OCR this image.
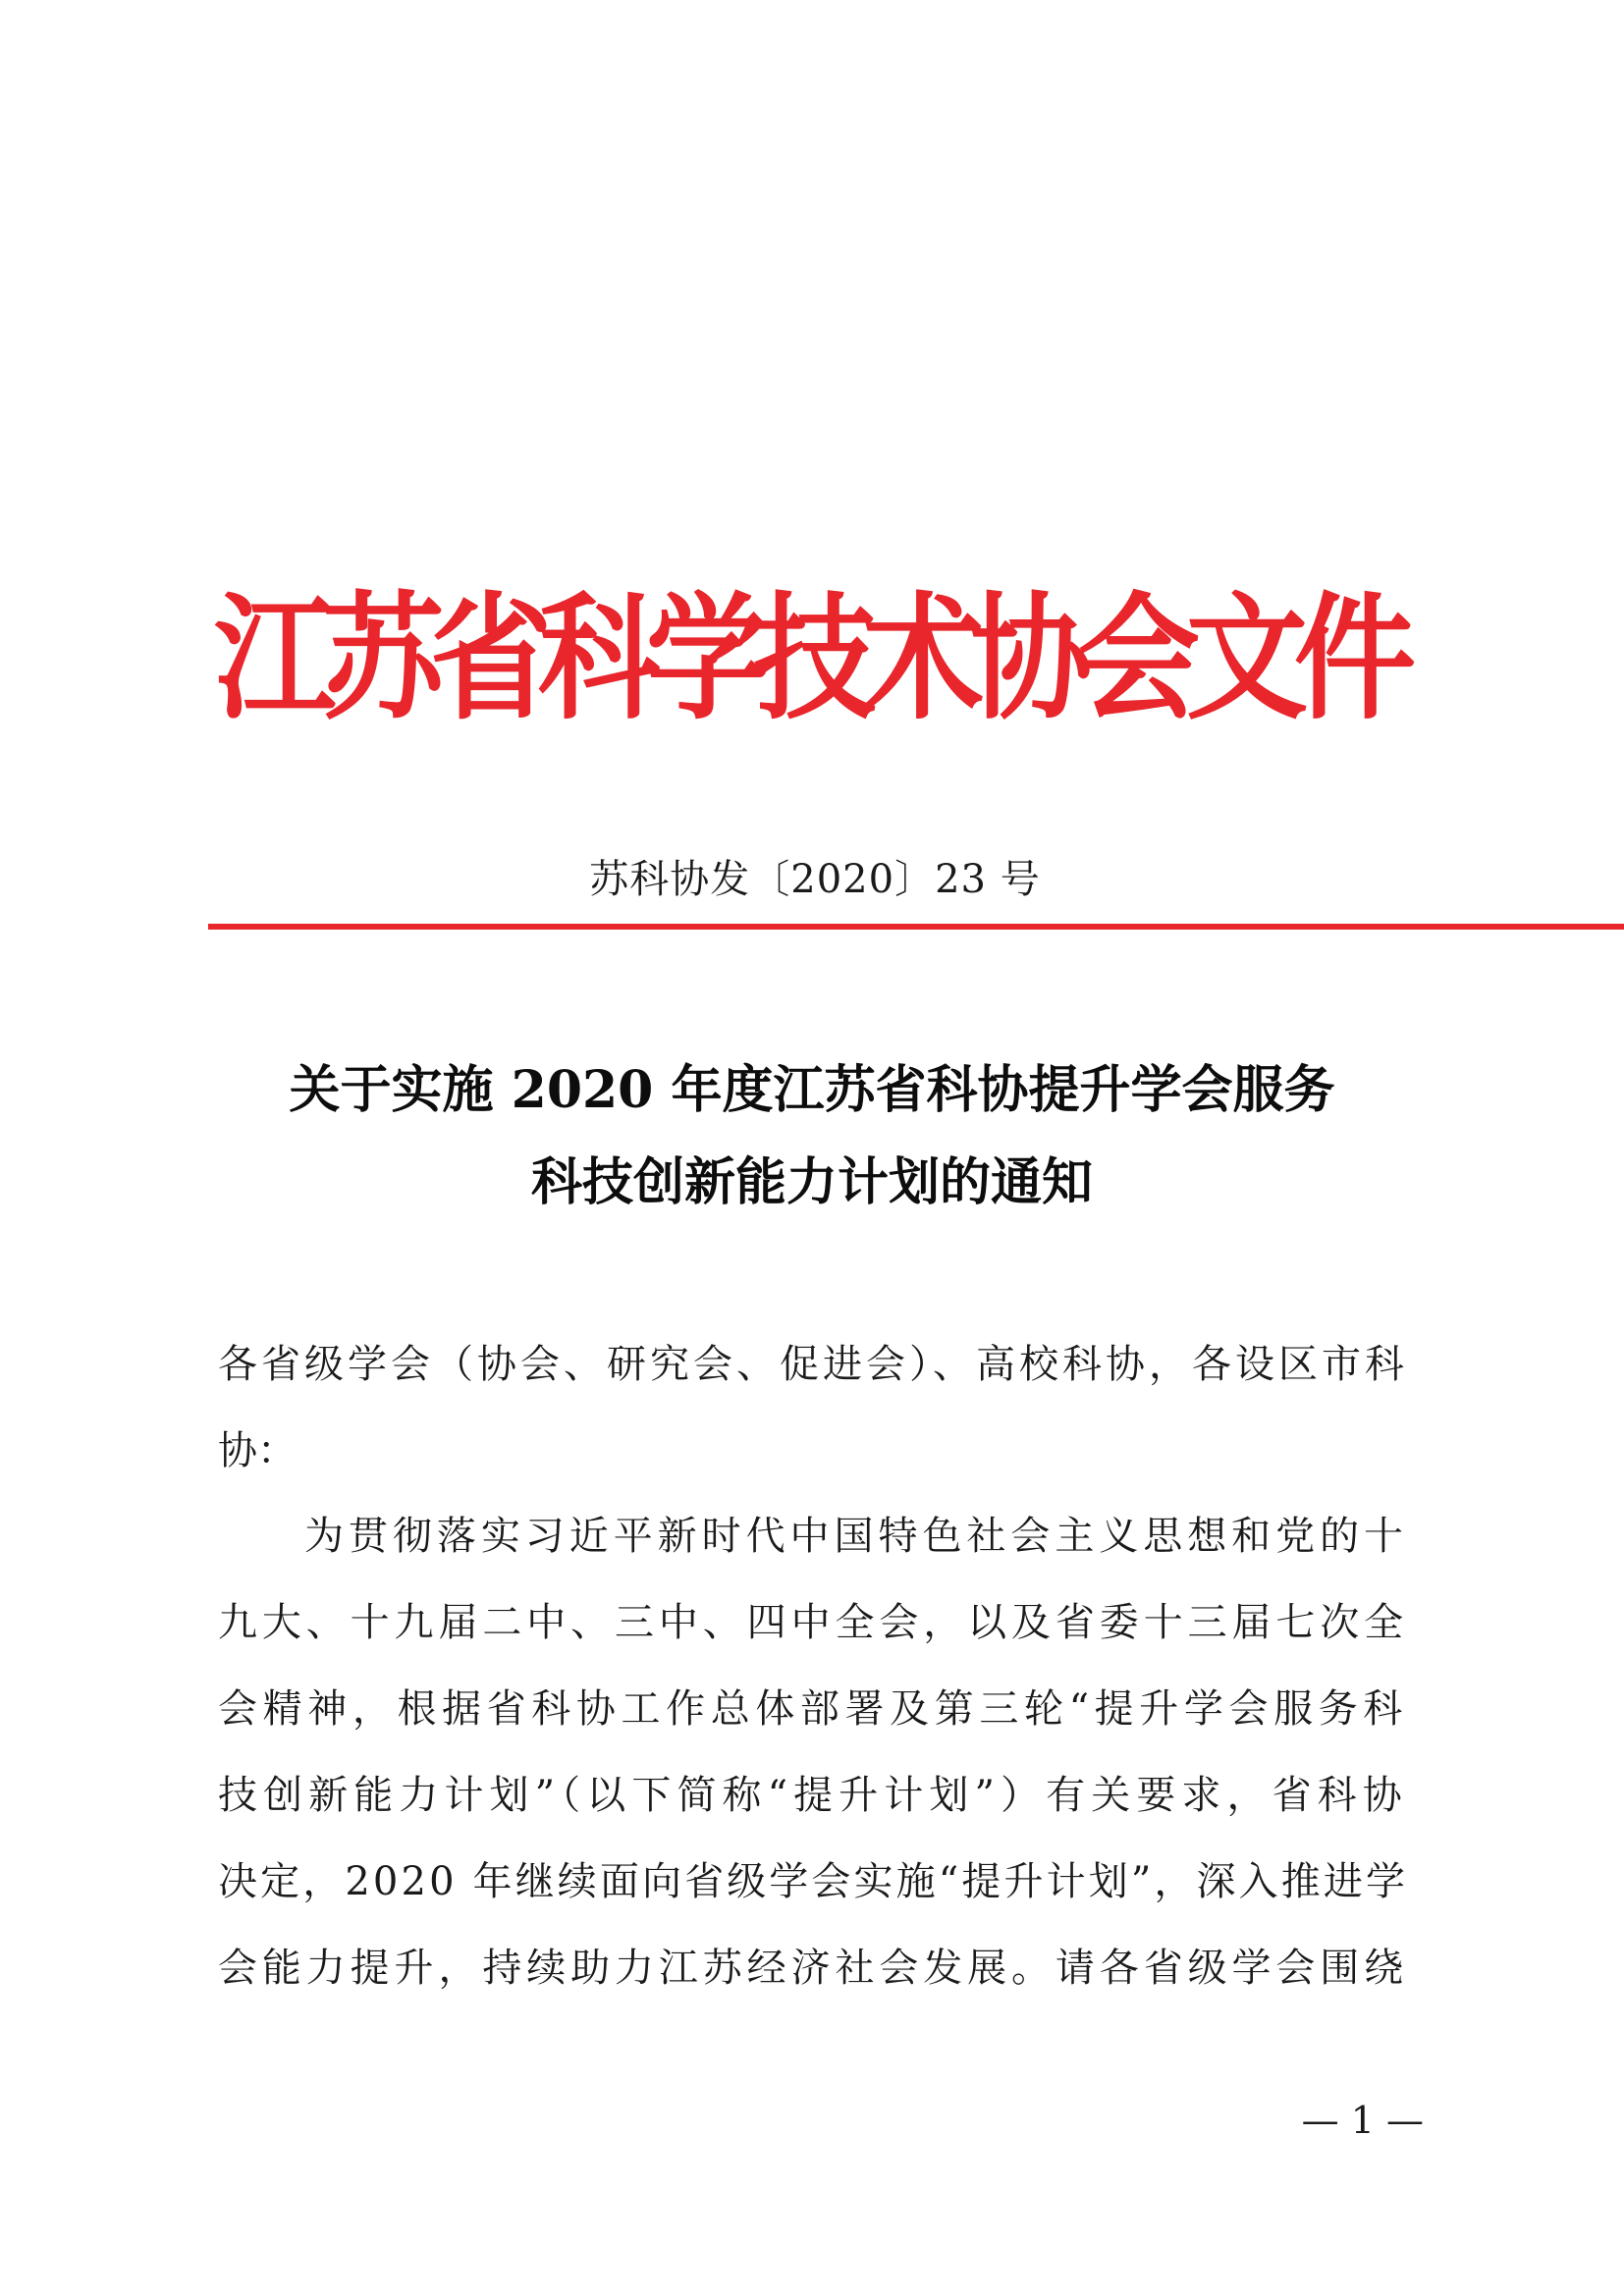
江苏省科学技术协会文件
苏科协发〔2020〕23 号
关于实施 2020 年度江苏省科协提升学会服务
科技创新能力计划的通知
各省级学会（协会、研究会、促进会）、高校科协，各设区市科
协：
为贯彻落实习近平新时代中国特色社会主义思想和党的十
九大、十九届二中、三中、四中全会，以及省委十三届七次全
会精神，根据省科协工作总体部署及第三轮“提升学会服务科
技创新能力计划”（以下简称“提升计划”）有关要求，省科协
决定，2020 年继续面向省级学会实施“提升计划”，深入推进学
会能力提升，持续助力江苏经济社会发展。请各省级学会围绕
— 1 —
